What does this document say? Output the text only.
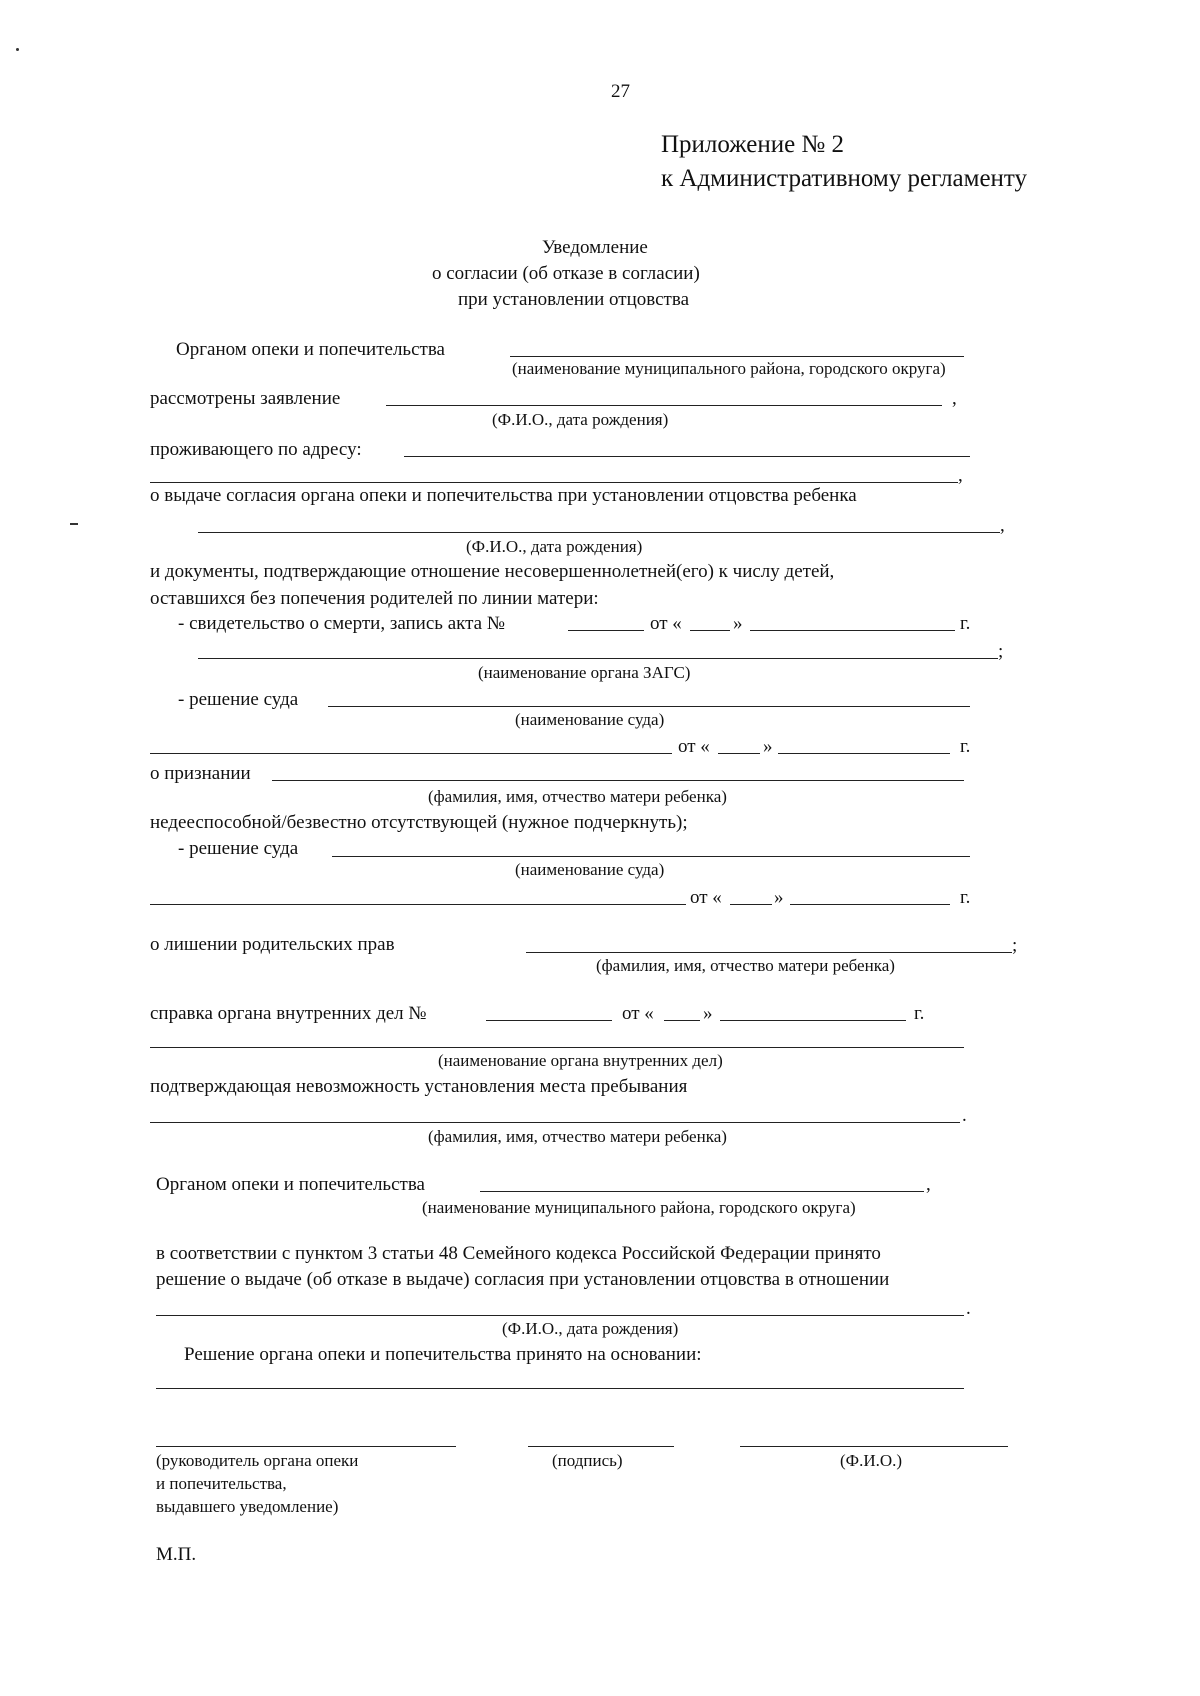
27
Приложение № 2
к Административному регламенту
Уведомление
о согласии (об отказе в согласии)
при установлении отцовства
Органом опеки и попечительства
(наименование муниципального района, городского округа)
рассмотрены заявление	,
(Ф.И.О., дата рождения)
проживающего по адресу:
,
о выдаче согласия органа опеки и попечительства при установлении отцовства ребенка
,
(Ф.И.О., дата рождения)
и документы, подтверждающие отношение несовершеннолетней(его) к числу детей,
оставшихся без попечения родителей по линии матери:
- свидетельство о смерти, запись акта №	от «	»	г.
;
(наименование органа ЗАГС)
- решение суда
(наименование суда)
от «	»	г.
о признании
(фамилия, имя, отчество матери ребенка)
недееспособной/безвестно отсутствующей (нужное подчеркнуть);
- решение суда
(наименование суда)
от «	»	г.
о лишении родительских прав	;
(фамилия, имя, отчество матери ребенка)
справка органа внутренних дел №	от «	»	г.
(наименование органа внутренних дел)
подтверждающая невозможность установления места пребывания
.
(фамилия, имя, отчество матери ребенка)
Органом опеки и попечительства	,
(наименование муниципального района, городского округа)
в соответствии с пунктом 3 статьи 48 Семейного кодекса Российской Федерации принято
решение о выдаче (об отказе в выдаче) согласия при установлении отцовства в отношении
.
(Ф.И.О., дата рождения)
Решение органа опеки и попечительства принято на основании:
(руководитель органа опеки
и попечительства,
выдавшего уведомление)
(подпись)	(Ф.И.О.)
М.П.
